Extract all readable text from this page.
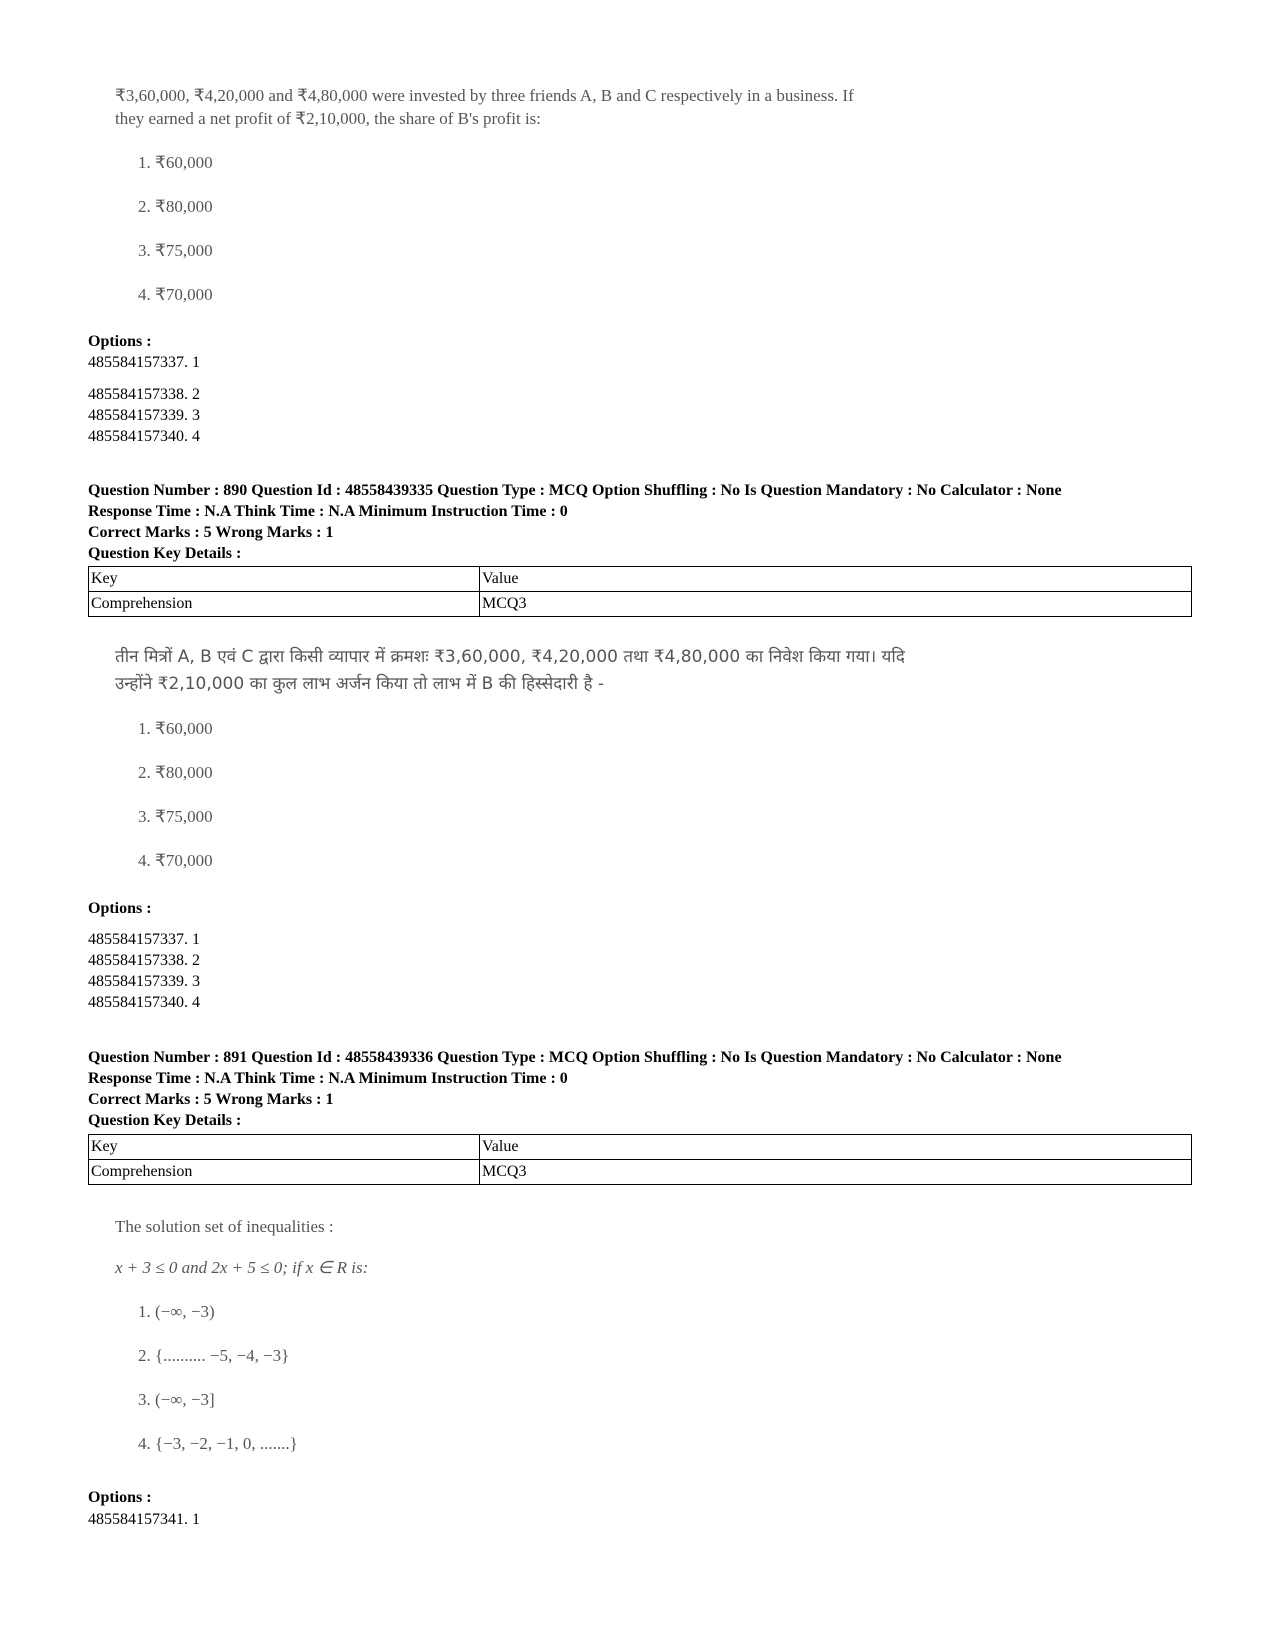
₹3,60,000, ₹4,20,000 and ₹4,80,000 were invested by three friends A, B and C respectively in a business. If
they earned a net profit of ₹2,10,000, the share of B's profit is:
1. ₹60,000
2. ₹80,000
3. ₹75,000
4. ₹70,000
Options :
485584157337. 1
485584157338. 2
485584157339. 3
485584157340. 4
Question Number : 890 Question Id : 48558439335 Question Type : MCQ Option Shuffling : No Is Question Mandatory : No Calculator : None
Response Time : N.A Think Time : N.A Minimum Instruction Time : 0
Correct Marks : 5 Wrong Marks : 1
Question Key Details :
Key	Value
Comprehension	MCQ3
तीन मित्रों A, B एवं C द्वारा किसी व्यापार में क्रमशः ₹3,60,000, ₹4,20,000 तथा ₹4,80,000 का निवेश किया गया। यदि
उन्होंने ₹2,10,000 का कुल लाभ अर्जन किया तो लाभ में B की हिस्सेदारी है -
1. ₹60,000
2. ₹80,000
3. ₹75,000
4. ₹70,000
Options :
485584157337. 1
485584157338. 2
485584157339. 3
485584157340. 4
Question Number : 891 Question Id : 48558439336 Question Type : MCQ Option Shuffling : No Is Question Mandatory : No Calculator : None
Response Time : N.A Think Time : N.A Minimum Instruction Time : 0
Correct Marks : 5 Wrong Marks : 1
Question Key Details :
Key	Value
Comprehension	MCQ3
The solution set of inequalities :
x + 3 ≤ 0 and 2x + 5 ≤ 0; if x ∈ R is:
1. (−∞, −3)
2. {.......... −5, −4, −3}
3. (−∞, −3]
4. {−3, −2, −1, 0, .......}
Options :
485584157341. 1
